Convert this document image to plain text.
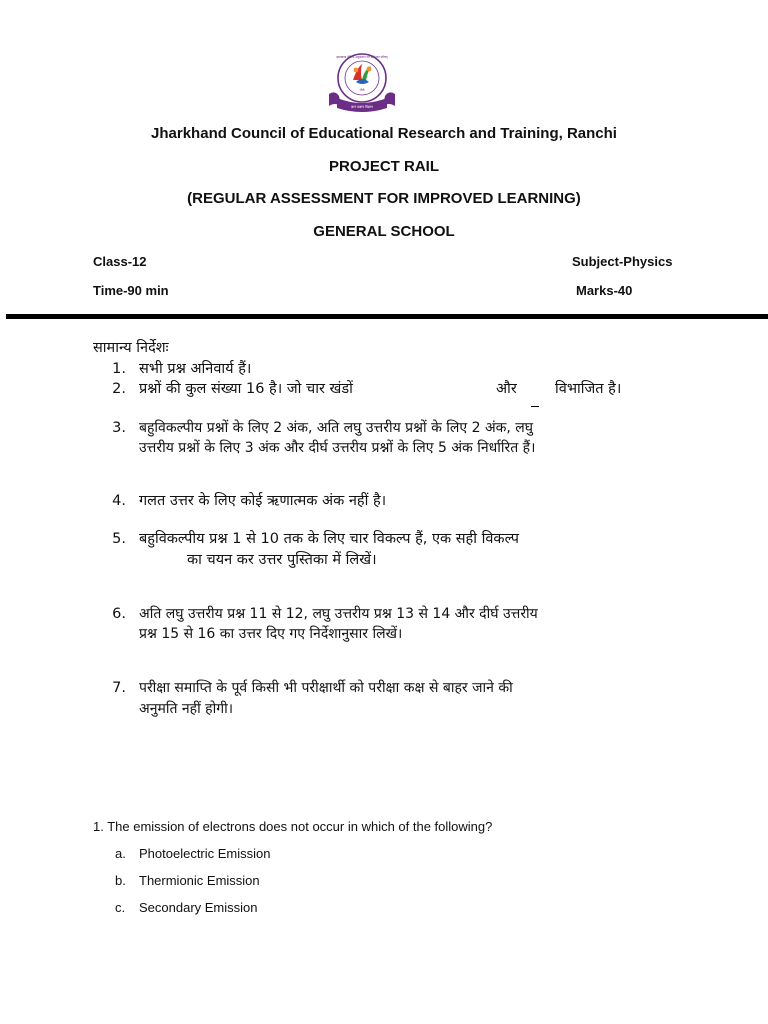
झारखण्ड शैक्षिक अनुसंधान एवं प्रशिक्षण परिषद्
राँची
ज्ञान प्रज्ञान विज्ञान
Jharkhand Council of Educational Research and Training, Ranchi
PROJECT RAIL
(REGULAR ASSESSMENT FOR IMPROVED LEARNING)
GENERAL SCHOOL
Class-12	Subject-Physics
Time-90 min	Marks-40
सामान्य निर्देशः
1. सभी प्रश्न अनिवार्य हैं।
2. प्रश्नों की कुल संख्या 16 है। जो चार खंडों	और	विभाजित है।
3. बहुविकल्पीय प्रश्नों के लिए 2 अंक, अति लघु उत्तरीय प्रश्नों के लिए 2 अंक, लघु
उत्तरीय प्रश्नों के लिए 3 अंक और दीर्घ उत्तरीय प्रश्नों के लिए 5 अंक निर्धारित हैं।
4. गलत उत्तर के लिए कोई ऋणात्मक अंक नहीं है।
5. बहुविकल्पीय प्रश्न 1 से 10 तक के लिए चार विकल्प हैं, एक सही विकल्प
का चयन कर उत्तर पुस्तिका में लिखें।
6. अति लघु उत्तरीय प्रश्न 11 से 12, लघु उत्तरीय प्रश्न 13 से 14 और दीर्घ उत्तरीय
प्रश्न 15 से 16 का उत्तर दिए गए निर्देशानुसार लिखें।
7. परीक्षा समाप्ति के पूर्व किसी भी परीक्षार्थी को परीक्षा कक्ष से बाहर जाने की
अनुमति नहीं होगी।
1. The emission of electrons does not occur in which of the following?
a. Photoelectric Emission
b. Thermionic Emission
c. Secondary Emission
